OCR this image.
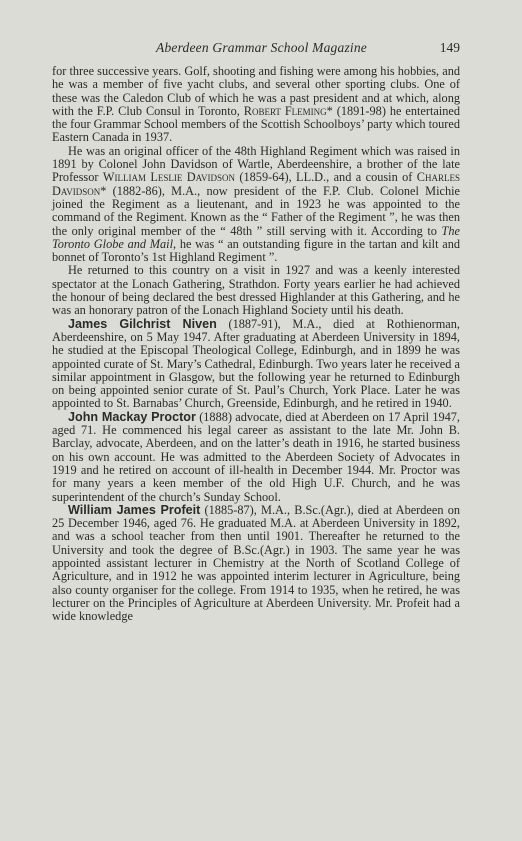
Aberdeen Grammar School Magazine	149

for three successive years. Golf, shooting and fishing were among his hobbies, and he was a member of five yacht clubs, and several other sporting clubs. One of these was the Caledon Club of which he was a past president and at which, along with the F.P. Club Consul in Toronto, Robert Fleming* (1891-98) he entertained the four Grammar School members of the Scottish Schoolboys’ party which toured Eastern Canada in 1937.

He was an original officer of the 48th Highland Regiment which was raised in 1891 by Colonel John Davidson of Wartle, Aberdeenshire, a brother of the late Professor William Leslie Davidson (1859-64), LL.D., and a cousin of Charles Davidson* (1882-86), M.A., now president of the F.P. Club. Colonel Michie joined the Regiment as a lieutenant, and in 1923 he was appointed to the command of the Regiment. Known as the “ Father of the Regiment ”, he was then the only original member of the “ 48th ” still serving with it. According to The Toronto Globe and Mail, he was “ an outstanding figure in the tartan and kilt and bonnet of Toronto’s 1st Highland Regiment ”.

He returned to this country on a visit in 1927 and was a keenly interested spectator at the Lonach Gathering, Strathdon. Forty years earlier he had achieved the honour of being declared the best dressed Highlander at this Gathering, and he was an honorary patron of the Lonach Highland Society until his death.

James Gilchrist Niven (1887-91), M.A., died at Rothienorman, Aberdeenshire, on 5 May 1947. After graduating at Aberdeen University in 1894, he studied at the Episcopal Theological College, Edinburgh, and in 1899 he was appointed curate of St. Mary’s Cathedral, Edinburgh. Two years later he received a similar appointment in Glasgow, but the following year he returned to Edinburgh on being appointed senior curate of St. Paul’s Church, York Place. Later he was appointed to St. Barnabas’ Church, Greenside, Edinburgh, and he retired in 1940.

John Mackay Proctor (1888) advocate, died at Aberdeen on 17 April 1947, aged 71. He commenced his legal career as assistant to the late Mr. John B. Barclay, advocate, Aberdeen, and on the latter’s death in 1916, he started business on his own account. He was admitted to the Aberdeen Society of Advocates in 1919 and he retired on account of ill-health in December 1944. Mr. Proctor was for many years a keen member of the old High U.F. Church, and he was superintendent of the church’s Sunday School.

William James Profeit (1885-87), M.A., B.Sc.(Agr.), died at Aberdeen on 25 December 1946, aged 76. He graduated M.A. at Aberdeen University in 1892, and was a school teacher from then until 1901. Thereafter he returned to the University and took the degree of B.Sc.(Agr.) in 1903. The same year he was appointed assistant lecturer in Chemistry at the North of Scotland College of Agriculture, and in 1912 he was appointed interim lecturer in Agriculture, being also county organiser for the college. From 1914 to 1935, when he retired, he was lecturer on the Principles of Agriculture at Aberdeen University. Mr. Profeit had a wide knowledge
